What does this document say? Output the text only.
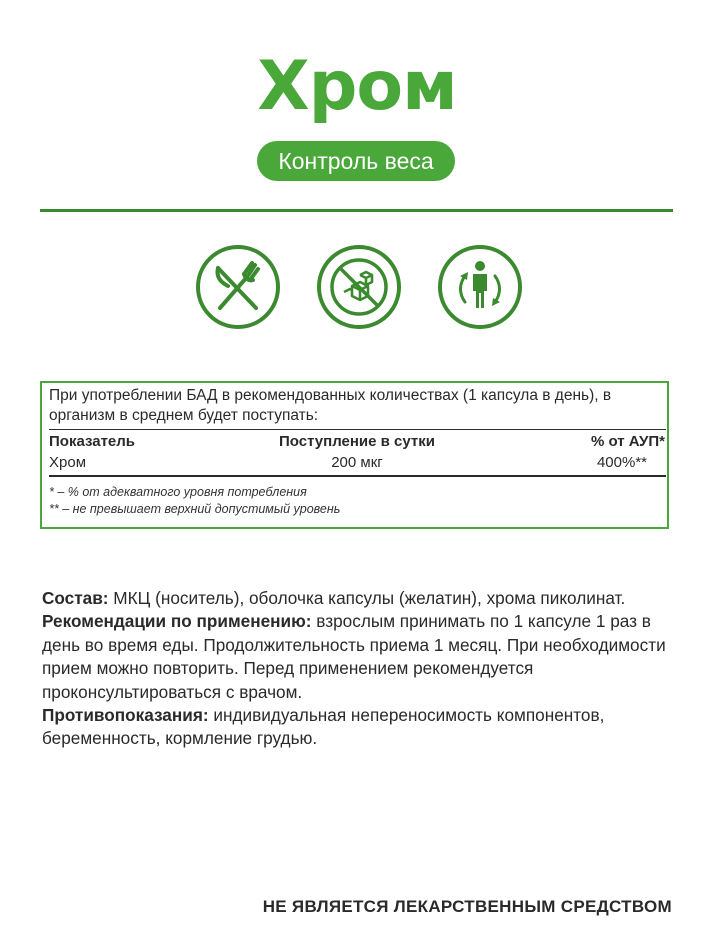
Хром
Контроль веса
При употреблении БАД в рекомендованных количествах (1 капсула в день), в организм в среднем будет поступать:
Показатель	Поступление в сутки	% от АУП*
Хром	200 мкг	400%**
* – % от адекватного уровня потребления
** – не превышает верхний допустимый уровень
Состав: МКЦ (носитель), оболочка капсулы (желатин), хрома пиколинат.
Рекомендации по применению: взрослым принимать по 1 капсуле 1 раз в день во время еды. Продолжительность приема 1 месяц. При необходимости прием можно повторить. Перед применением рекомендуется проконсультироваться с врачом.
Противопоказания: индивидуальная непереносимость компонентов, беременность, кормление грудью.
НЕ ЯВЛЯЕТСЯ ЛЕКАРСТВЕННЫМ СРЕДСТВОМ
